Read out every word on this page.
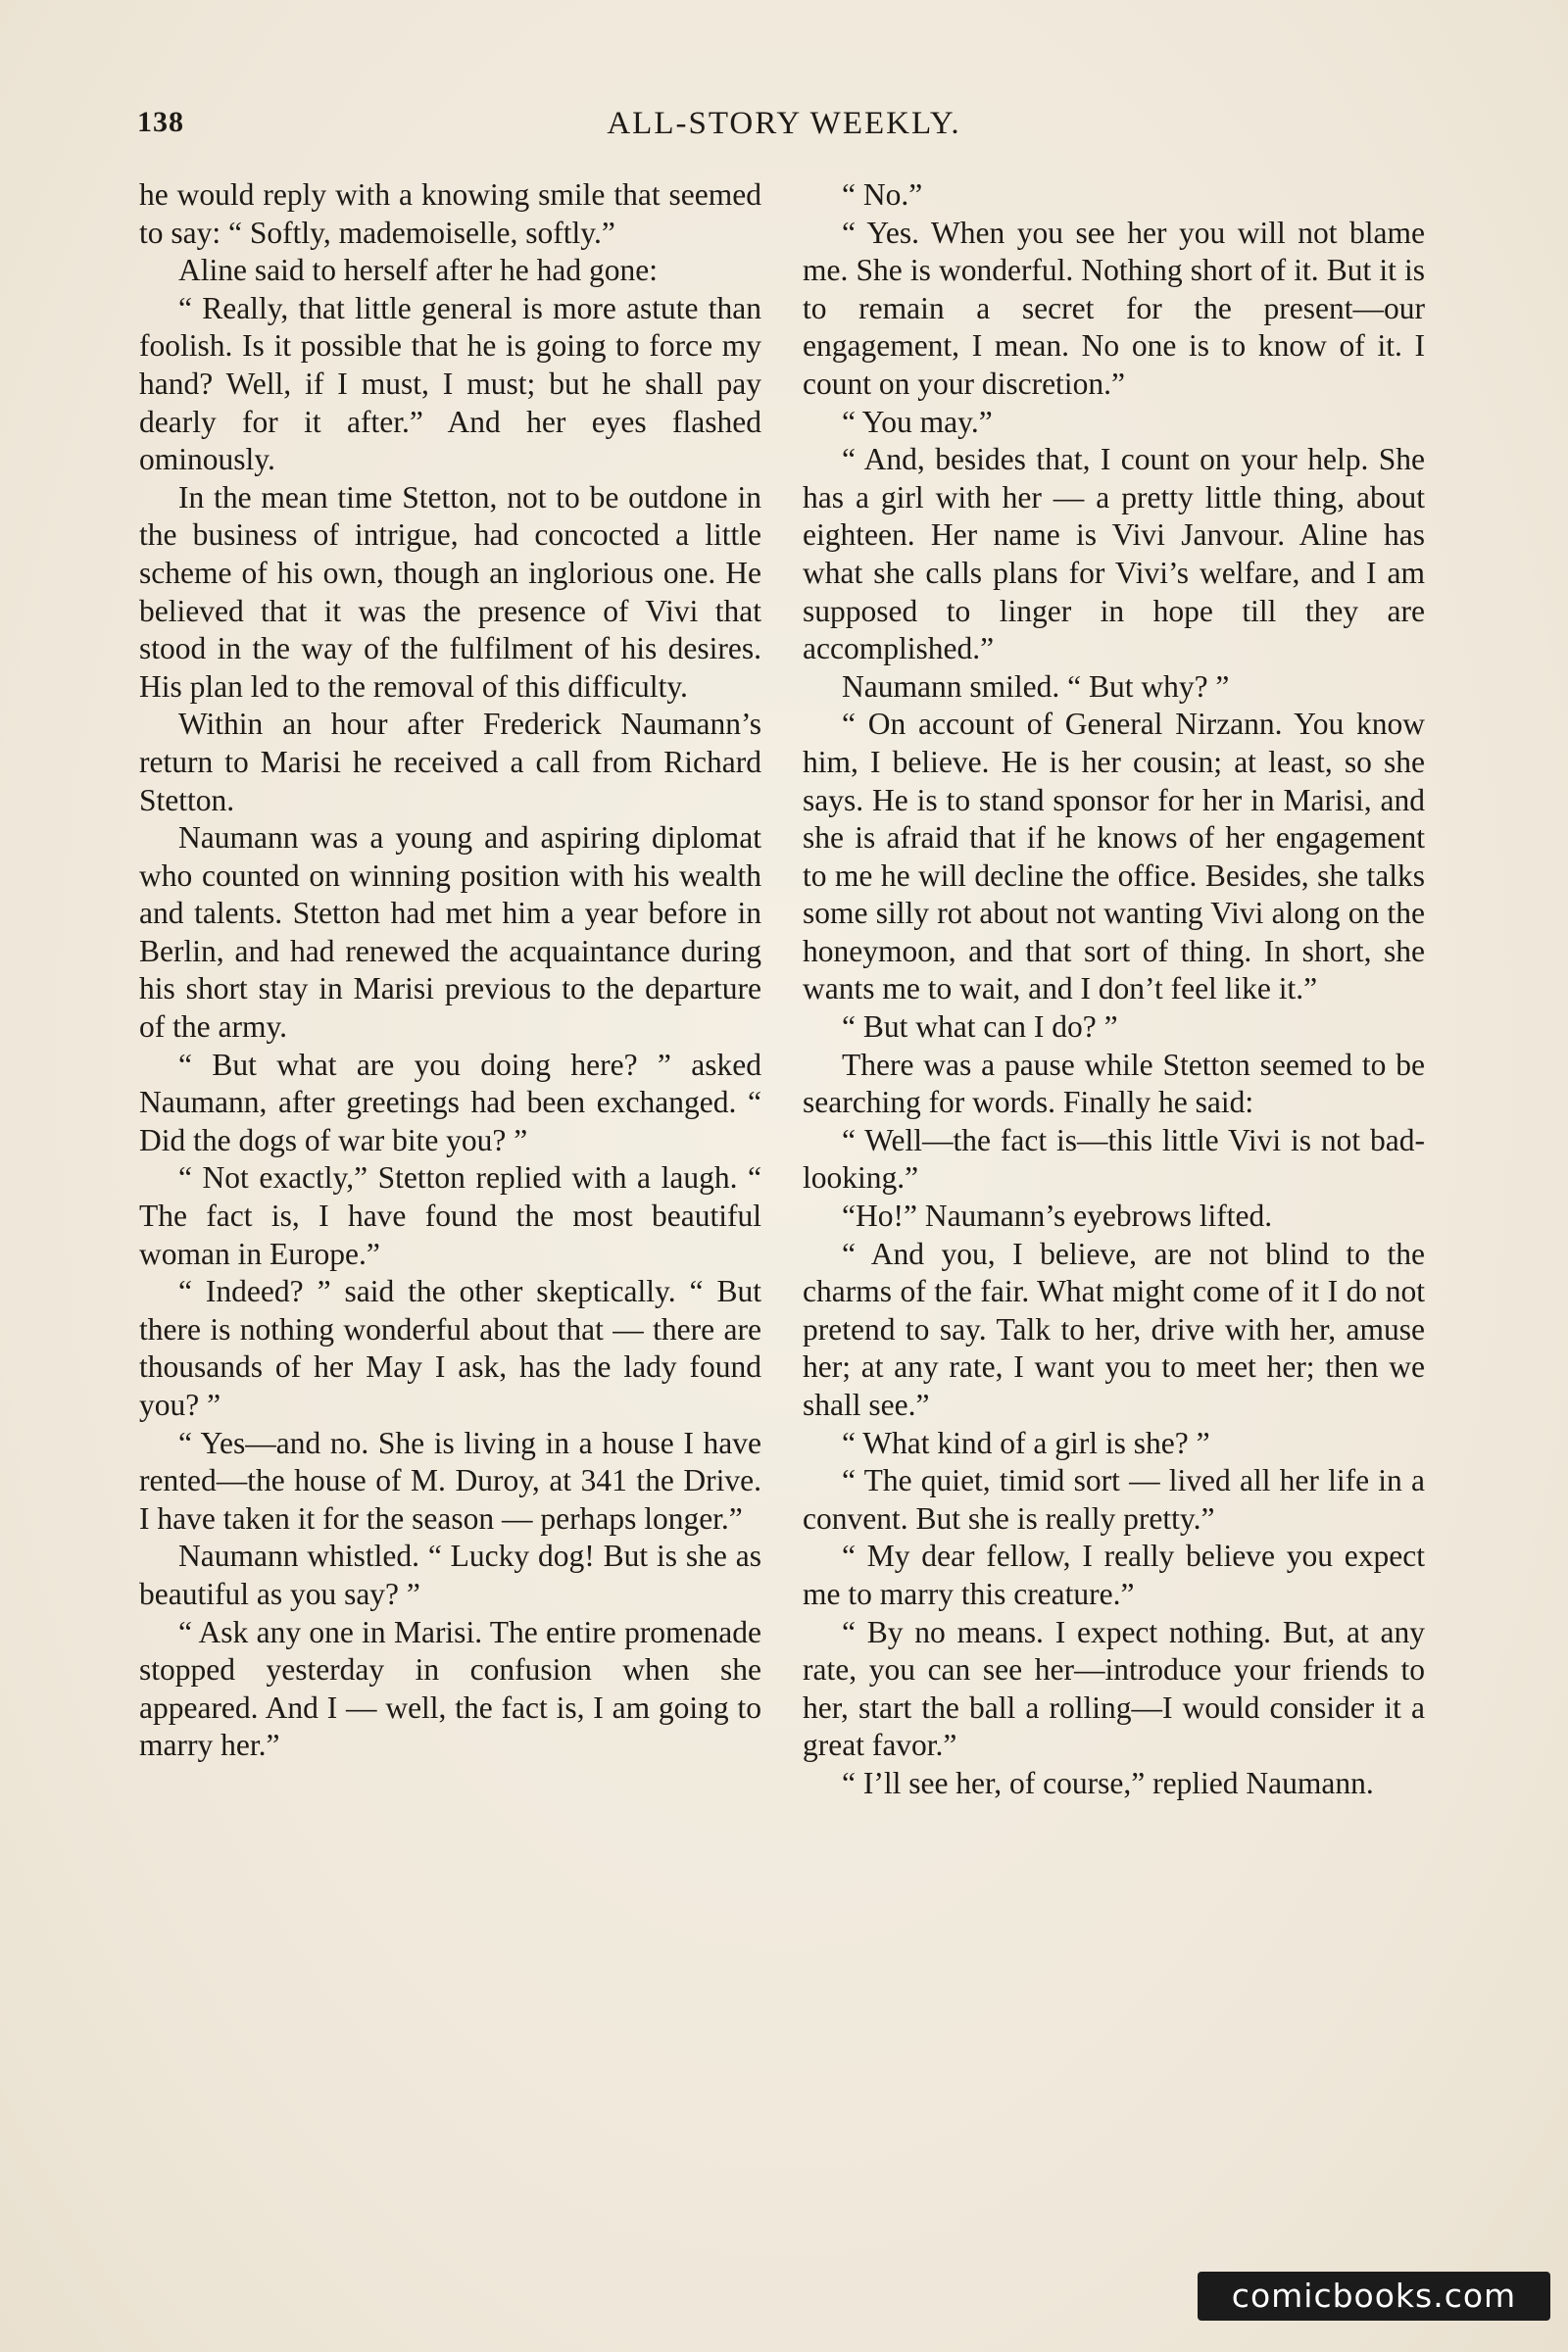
138	ALL-STORY WEEKLY.

he would reply with a knowing smile that seemed to say: “ Softly, mademoiselle, softly.”

Aline said to herself after he had gone:

“ Really, that little general is more astute than foolish. Is it possible that he is going to force my hand? Well, if I must, I must; but he shall pay dearly for it after.” And her eyes flashed ominously.

In the mean time Stetton, not to be outdone in the business of intrigue, had concocted a little scheme of his own, though an inglorious one. He believed that it was the presence of Vivi that stood in the way of the fulfilment of his desires. His plan led to the removal of this difficulty.

Within an hour after Frederick Naumann’s return to Marisi he received a call from Richard Stetton.

Naumann was a young and aspiring diplomat who counted on winning position with his wealth and talents. Stetton had met him a year before in Berlin, and had renewed the acquaintance during his short stay in Marisi previous to the departure of the army.

“ But what are you doing here? ” asked Naumann, after greetings had been exchanged. “ Did the dogs of war bite you? ”

“ Not exactly,” Stetton replied with a laugh. “ The fact is, I have found the most beautiful woman in Europe.”

“ Indeed? ” said the other skeptically. “ But there is nothing wonderful about that — there are thousands of her May I ask, has the lady found you? ”

“ Yes—and no. She is living in a house I have rented—the house of M. Duroy, at 341 the Drive. I have taken it for the season — perhaps longer.”

Naumann whistled. “ Lucky dog! But is she as beautiful as you say? ”

“ Ask any one in Marisi. The entire promenade stopped yesterday in confusion when she appeared. And I — well, the fact is, I am going to marry her.”

“ No.”

“ Yes. When you see her you will not blame me. She is wonderful. Nothing short of it. But it is to remain a secret for the present—our engagement, I mean. No one is to know of it. I count on your discretion.”

“ You may.”

“ And, besides that, I count on your help. She has a girl with her — a pretty little thing, about eighteen. Her name is Vivi Janvour. Aline has what she calls plans for Vivi’s welfare, and I am supposed to linger in hope till they are accomplished.”

Naumann smiled. “ But why? ”

“ On account of General Nirzann. You know him, I believe. He is her cousin; at least, so she says. He is to stand sponsor for her in Marisi, and she is afraid that if he knows of her engagement to me he will decline the office. Besides, she talks some silly rot about not wanting Vivi along on the honeymoon, and that sort of thing. In short, she wants me to wait, and I don’t feel like it.”

“ But what can I do? ”

There was a pause while Stetton seemed to be searching for words. Finally he said:

“ Well—the fact is—this little Vivi is not bad-looking.”

“Ho!” Naumann’s eyebrows lifted.

“ And you, I believe, are not blind to the charms of the fair. What might come of it I do not pretend to say. Talk to her, drive with her, amuse her; at any rate, I want you to meet her; then we shall see.”

“ What kind of a girl is she? ”

“ The quiet, timid sort — lived all her life in a convent. But she is really pretty.”

“ My dear fellow, I really believe you expect me to marry this creature.”

“ By no means. I expect nothing. But, at any rate, you can see her—introduce your friends to her, start the ball a rolling—I would consider it a great favor.”

“ I’ll see her, of course,” replied Naumann.

comicbooks.com
